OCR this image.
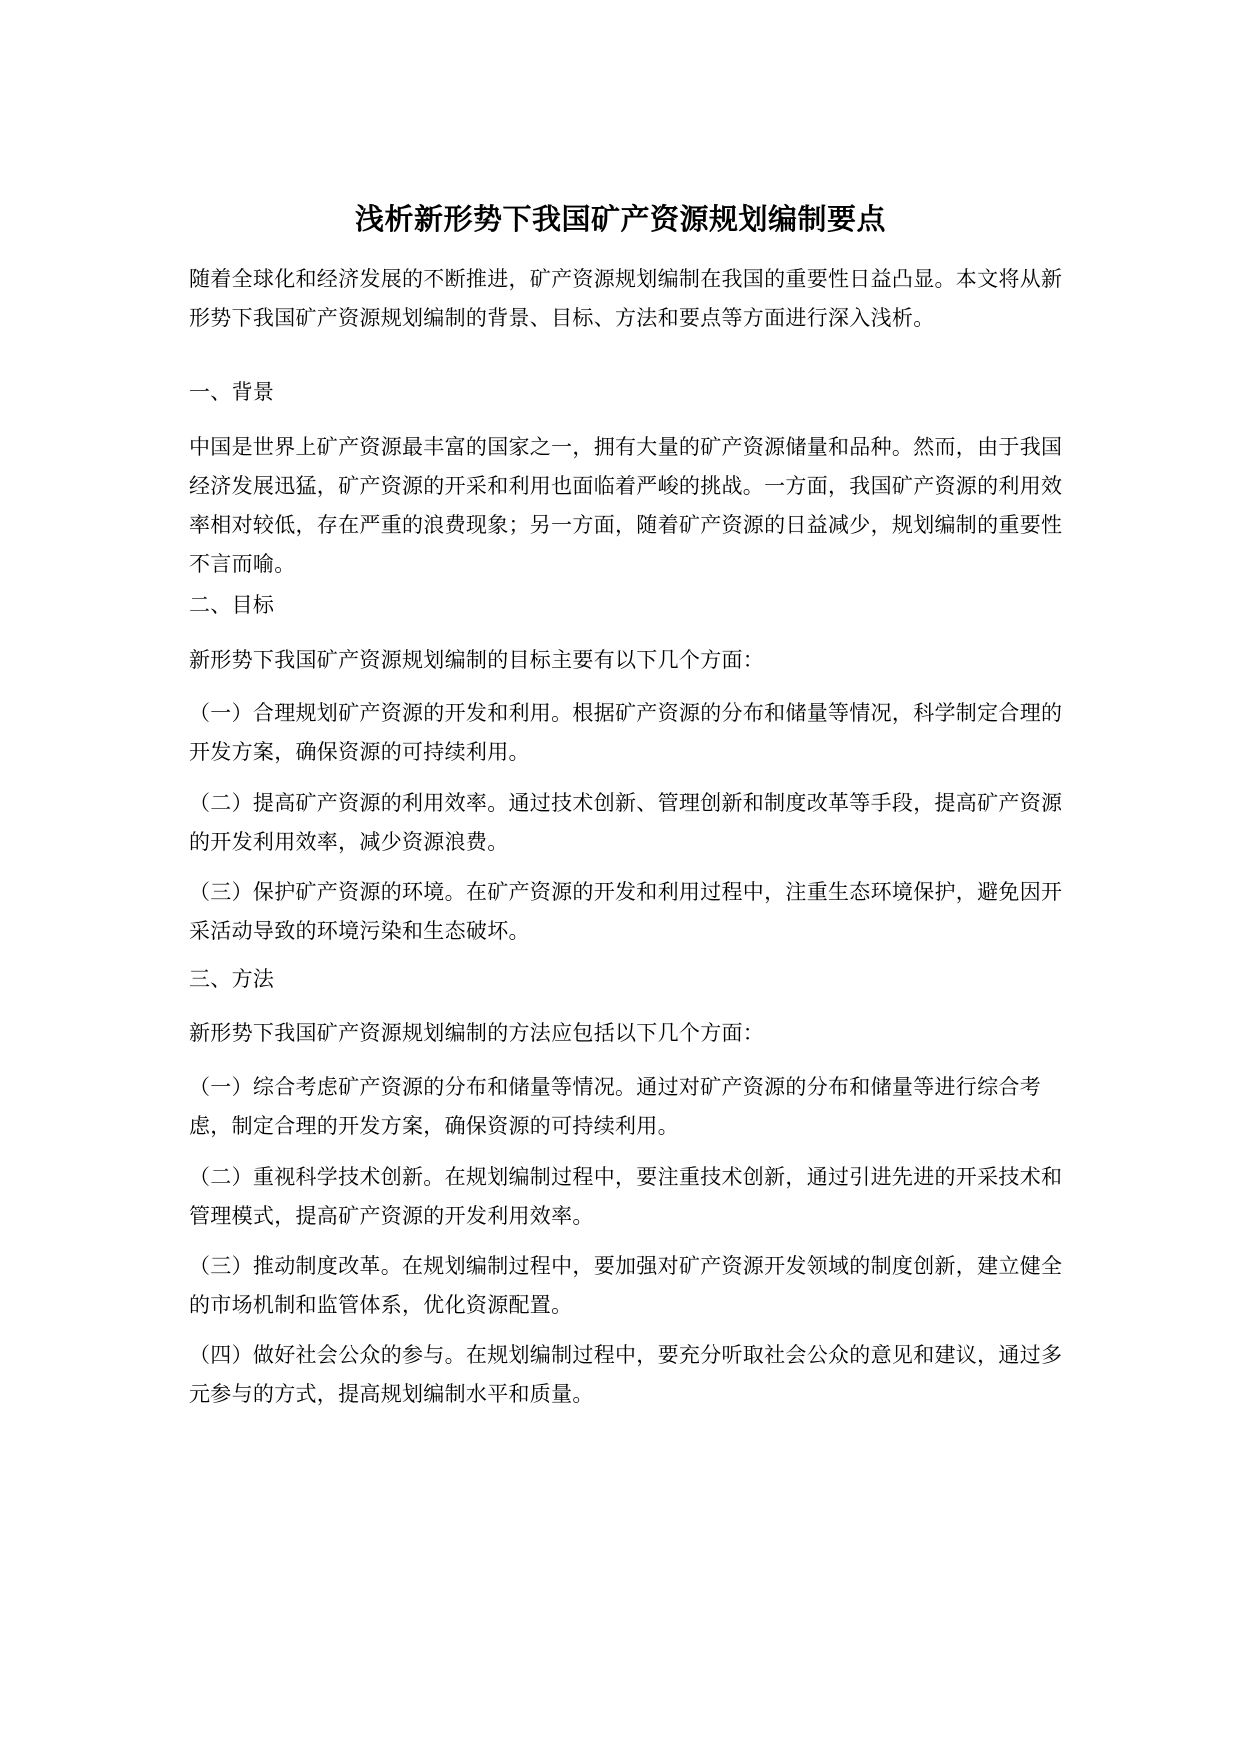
浅析新形势下我国矿产资源规划编制要点

随着全球化和经济发展的不断推进，矿产资源规划编制在我国的重要性日益凸显。本文将从新形势下我国矿产资源规划编制的背景、目标、方法和要点等方面进行深入浅析。

一、背景

中国是世界上矿产资源最丰富的国家之一，拥有大量的矿产资源储量和品种。然而，由于我国经济发展迅猛，矿产资源的开采和利用也面临着严峻的挑战。一方面，我国矿产资源的利用效率相对较低，存在严重的浪费现象；另一方面，随着矿产资源的日益减少，规划编制的重要性不言而喻。

二、目标

新形势下我国矿产资源规划编制的目标主要有以下几个方面：

（一）合理规划矿产资源的开发和利用。根据矿产资源的分布和储量等情况，科学制定合理的开发方案，确保资源的可持续利用。

（二）提高矿产资源的利用效率。通过技术创新、管理创新和制度改革等手段，提高矿产资源的开发利用效率，减少资源浪费。

（三）保护矿产资源的环境。在矿产资源的开发和利用过程中，注重生态环境保护，避免因开采活动导致的环境污染和生态破坏。

三、方法

新形势下我国矿产资源规划编制的方法应包括以下几个方面：

（一）综合考虑矿产资源的分布和储量等情况。通过对矿产资源的分布和储量等进行综合考虑，制定合理的开发方案，确保资源的可持续利用。

（二）重视科学技术创新。在规划编制过程中，要注重技术创新，通过引进先进的开采技术和管理模式，提高矿产资源的开发利用效率。

（三）推动制度改革。在规划编制过程中，要加强对矿产资源开发领域的制度创新，建立健全的市场机制和监管体系，优化资源配置。

（四）做好社会公众的参与。在规划编制过程中，要充分听取社会公众的意见和建议，通过多元参与的方式，提高规划编制水平和质量。
